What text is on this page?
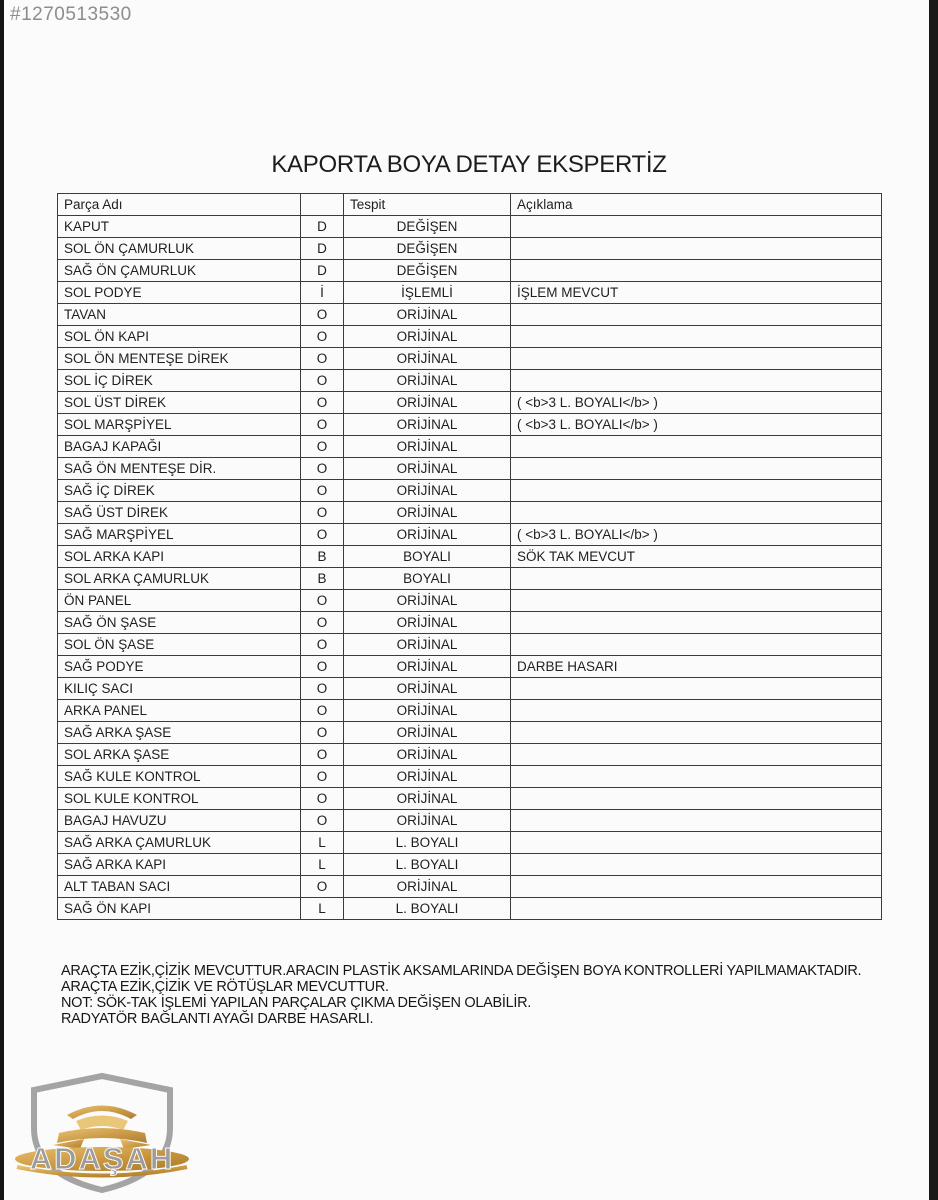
#1270513530
KAPORTA BOYA DETAY EKSPERTİZ
Parça Adı		Tespit	Açıklama
KAPUT	D	DEĞİŞEN	
SOL ÖN ÇAMURLUK	D	DEĞİŞEN	
SAĞ ÖN ÇAMURLUK	D	DEĞİŞEN	
SOL PODYE	İ	İŞLEMLİ	İŞLEM MEVCUT
TAVAN	O	ORİJİNAL	
SOL ÖN KAPI	O	ORİJİNAL	
SOL ÖN MENTEŞE DİREK	O	ORİJİNAL	
SOL İÇ DİREK	O	ORİJİNAL	
SOL ÜST DİREK	O	ORİJİNAL	( <b>3 L. BOYALI</b> )
SOL MARŞPİYEL	O	ORİJİNAL	( <b>3 L. BOYALI</b> )
BAGAJ KAPAĞI	O	ORİJİNAL	
SAĞ ÖN MENTEŞE DİR.	O	ORİJİNAL	
SAĞ İÇ DİREK	O	ORİJİNAL	
SAĞ ÜST DİREK	O	ORİJİNAL	
SAĞ MARŞPİYEL	O	ORİJİNAL	( <b>3 L. BOYALI</b> )
SOL ARKA KAPI	B	BOYALI	SÖK TAK MEVCUT
SOL ARKA ÇAMURLUK	B	BOYALI	
ÖN PANEL	O	ORİJİNAL	
SAĞ ÖN ŞASE	O	ORİJİNAL	
SOL ÖN ŞASE	O	ORİJİNAL	
SAĞ PODYE	O	ORİJİNAL	DARBE HASARI
KILIÇ SACI	O	ORİJİNAL	
ARKA PANEL	O	ORİJİNAL	
SAĞ ARKA ŞASE	O	ORİJİNAL	
SOL ARKA ŞASE	O	ORİJİNAL	
SAĞ KULE KONTROL	O	ORİJİNAL	
SOL KULE KONTROL	O	ORİJİNAL	
BAGAJ HAVUZU	O	ORİJİNAL	
SAĞ ARKA ÇAMURLUK	L	L. BOYALI	
SAĞ ARKA KAPI	L	L. BOYALI	
ALT TABAN SACI	O	ORİJİNAL	
SAĞ ÖN KAPI	L	L. BOYALI	
ARAÇTA EZİK,ÇİZİK MEVCUTTUR.ARACIN PLASTİK AKSAMLARINDA DEĞİŞEN BOYA KONTROLLERİ YAPILMAMAKTADIR.
ARAÇTA EZİK,ÇİZİK VE RÖTÜŞLAR MEVCUTTUR.
NOT: SÖK-TAK İŞLEMİ YAPILAN PARÇALAR ÇIKMA DEĞİŞEN OLABİLİR.
RADYATÖR BAĞLANTI AYAĞI DARBE HASARLI.
ADAŞAH
